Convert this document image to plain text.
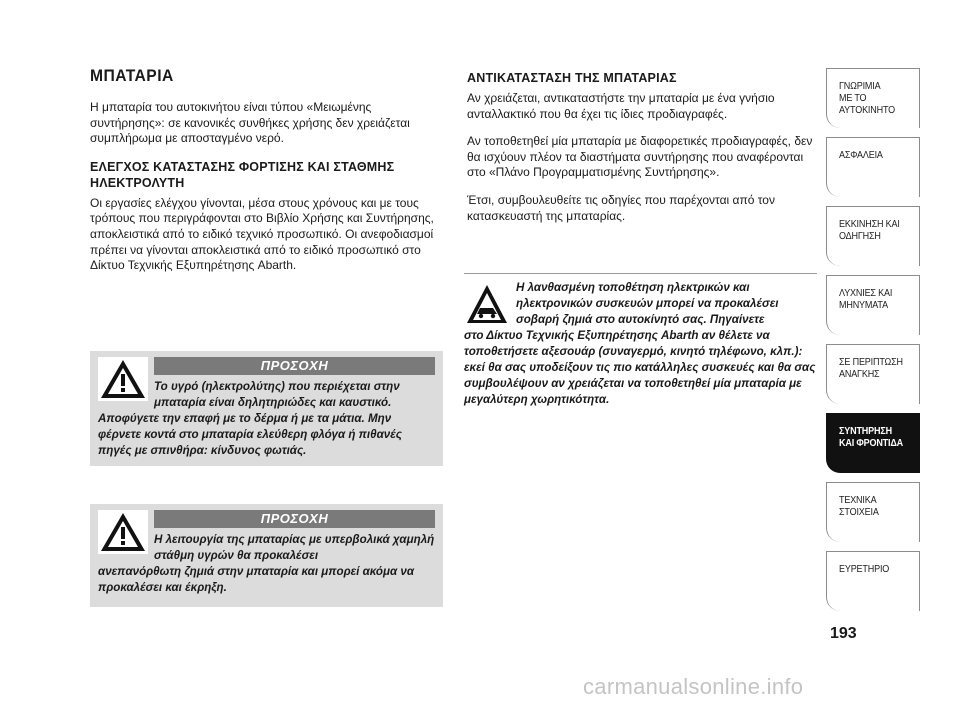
ΜΠΑΤΑΡΙΑ
Η μπαταρία του αυτοκινήτου είναι τύπου «Μειωμένης συντήρησης»: σε κανονικές συνθήκες χρήσης δεν χρειάζεται συμπλήρωμα με αποσταγμένο νερό.
ΕΛΕΓΧΟΣ ΚΑΤΑΣΤΑΣΗΣ ΦΟΡΤΙΣΗΣ ΚΑΙ ΣΤΑΘΜΗΣ ΗΛΕΚΤΡΟΛΥΤΗ
Οι εργασίες ελέγχου γίνονται, μέσα στους χρόνους και με τους τρόπους που περιγράφονται στο Βιβλίο Χρήσης και Συντήρησης, αποκλειστικά από το ειδικό τεχνικό προσωπικό. Οι ανεφοδιασμοί πρέπει να γίνονται αποκλειστικά από το ειδικό προσωπικό στο Δίκτυο Τεχνικής Εξυπηρέτησης Abarth.
ΠΡΟΣΟΧΗ
Το υγρό (ηλεκτρολύτης) που περιέχεται στην μπαταρία είναι δηλητηριώδες και καυστικό.
Αποφύγετε την επαφή με το δέρμα ή με τα μάτια. Μην φέρνετε κοντά στο μπαταρία ελεύθερη φλόγα ή πιθανές πηγές με σπινθήρα: κίνδυνος φωτιάς.
ΠΡΟΣΟΧΗ
Η λειτουργία της μπαταρίας με υπερβολικά χαμηλή στάθμη υγρών θα προκαλέσει
ανεπανόρθωτη ζημιά στην μπαταρία και μπορεί ακόμα να προκαλέσει και έκρηξη.
ΑΝΤΙΚΑΤΑΣΤΑΣΗ ΤΗΣ ΜΠΑΤΑΡΙΑΣ
Αν χρειάζεται, αντικαταστήστε την μπαταρία με ένα γνήσιο ανταλλακτικό που θα έχει τις ίδιες προδιαγραφές.
Αν τοποθετηθεί μία μπαταρία με διαφορετικές προδιαγραφές, δεν θα ισχύουν πλέον τα διαστήματα συντήρησης που αναφέρονται στο «Πλάνο Προγραμματισμένης Συντήρησης».
Έτσι, συμβουλευθείτε τις οδηγίες που παρέχονται από τον κατασκευαστή της μπαταρίας.
Η λανθασμένη τοποθέτηση ηλεκτρικών και ηλεκτρονικών συσκευών μπορεί να προκαλέσει σοβαρή ζημιά στο αυτοκίνητό σας. Πηγαίνετε
στο Δίκτυο Τεχνικής Εξυπηρέτησης Abarth αν θέλετε να τοποθετήσετε αξεσουάρ (συναγερμό, κινητό τηλέφωνο, κλπ.): εκεί θα σας υποδείξουν τις πιο κατάλληλες συσκευές και θα σας συμβουλέψουν αν χρειάζεται να τοποθετηθεί μία μπαταρία με μεγαλύτερη χωρητικότητα.
ΓΝΩΡΙΜΙΑ
ΜΕ ΤΟ
ΑΥΤΟΚΙΝΗΤΟ
ΑΣΦΑΛΕΙΑ
ΕΚΚΙΝΗΣΗ ΚΑΙ
ΟΔΗΓΗΣΗ
ΛΥΧΝΙΕΣ ΚΑΙ
ΜΗΝΥΜΑΤΑ
ΣΕ ΠΕΡΙΠΤΩΣΗ
ΑΝΑΓΚΗΣ
ΣΥΝΤΗΡΗΣΗ
ΚΑΙ ΦΡΟΝΤΙΔΑ
ΤΕΧΝΙΚΑ
ΣΤΟΙΧΕΙΑ
ΕΥΡΕΤΗΡΙΟ
193
carmanualsonline.info
